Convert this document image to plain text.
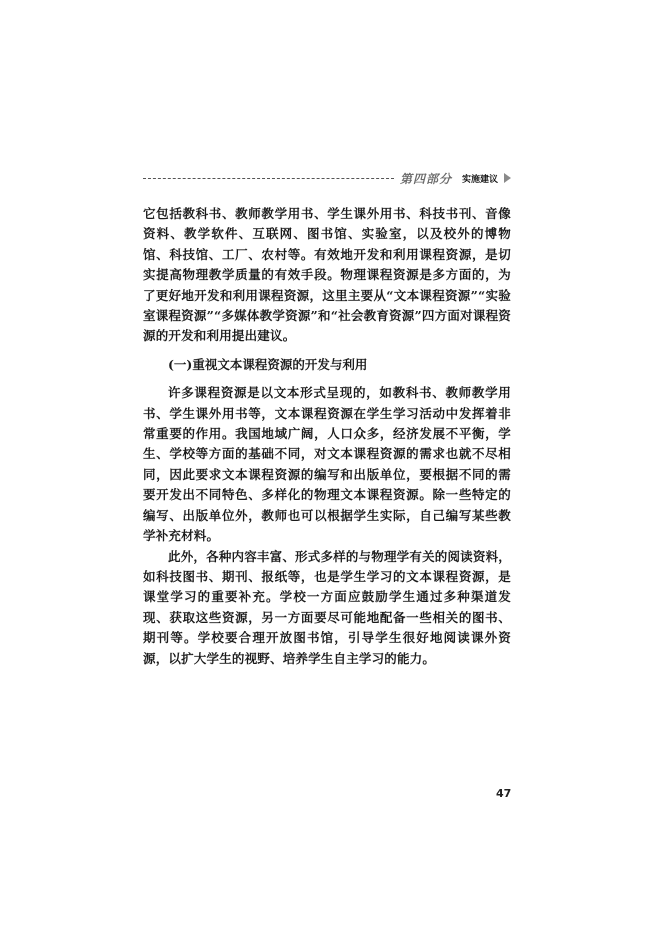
第四部分 实施建议

它包括教科书、教师教学用书、学生课外用书、科技书刊、音像资料、教学软件、互联网、图书馆、实验室，以及校外的博物馆、科技馆、工厂、农村等。有效地开发和利用课程资源，是切实提高物理教学质量的有效手段。物理课程资源是多方面的，为了更好地开发和利用课程资源，这里主要从“文本课程资源”“实验室课程资源”“多媒体教学资源”和“社会教育资源”四方面对课程资源的开发和利用提出建议。

(一)重视文本课程资源的开发与利用

许多课程资源是以文本形式呈现的，如教科书、教师教学用书、学生课外用书等，文本课程资源在学生学习活动中发挥着非常重要的作用。我国地域广阔，人口众多，经济发展不平衡，学生、学校等方面的基础不同，对文本课程资源的需求也就不尽相同，因此要求文本课程资源的编写和出版单位，要根据不同的需要开发出不同特色、多样化的物理文本课程资源。除一些特定的编写、出版单位外，教师也可以根据学生实际，自己编写某些教学补充材料。

此外，各种内容丰富、形式多样的与物理学有关的阅读资料，如科技图书、期刊、报纸等，也是学生学习的文本课程资源，是课堂学习的重要补充。学校一方面应鼓励学生通过多种渠道发现、获取这些资源，另一方面要尽可能地配备一些相关的图书、期刊等。学校要合理开放图书馆，引导学生很好地阅读课外资源，以扩大学生的视野、培养学生自主学习的能力。

47
